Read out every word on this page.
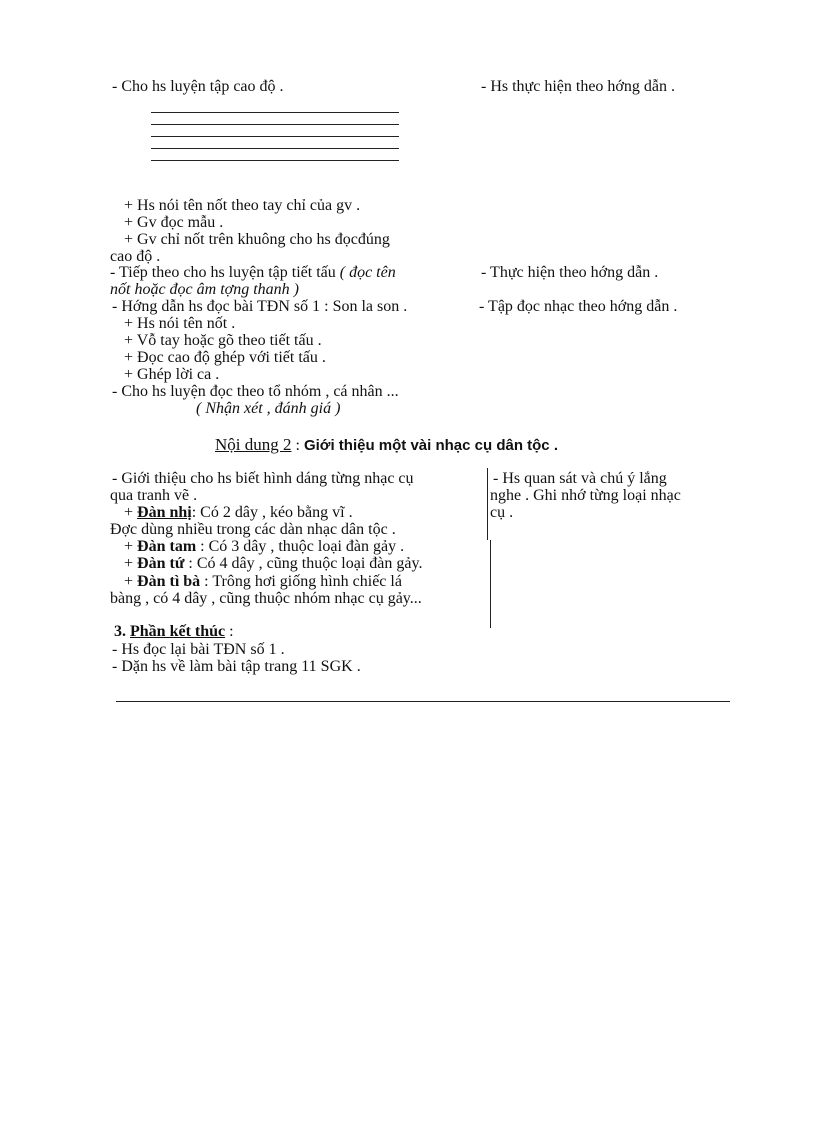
- Cho hs luyện tập cao độ .	- Hs thực hiện theo hớng dẫn .
+ Hs nói tên nốt theo tay chỉ của gv .
+ Gv đọc mẫu .
+ Gv chỉ nốt trên khuông cho hs đọcđúng
cao độ .
- Tiếp theo cho hs luyện tập tiết tấu ( đọc tên
nốt hoặc đọc âm tợng thanh )
- Thực hiện theo hớng dẫn .
- Hớng dẫn hs đọc bài TĐN số 1 : Son la son .	- Tập đọc nhạc theo hớng dẫn .
+ Hs nói tên nốt .
+ Vỗ tay hoặc gõ theo tiết tấu .
+ Đọc cao độ ghép với tiết tấu .
+ Ghép lời ca .
- Cho hs luyện đọc theo tổ nhóm , cá nhân ...
( Nhận xét , đánh giá )
Nội dung 2 : Giới thiệu một vài nhạc cụ dân tộc .
- Giới thiệu cho hs biết hình dáng từng nhạc cụ
qua tranh vẽ .
+ Đàn nhị: Có 2 dây , kéo bằng vĩ .
Đợc dùng nhiều trong các dàn nhạc dân tộc .
+ Đàn tam : Có 3 dây , thuộc loại đàn gảy .
+ Đàn tứ : Có 4 dây , cũng thuộc loại đàn gảy.
+ Đàn tì bà : Trông hơi giống hình chiếc lá
bàng , có 4 dây , cũng thuộc nhóm nhạc cụ gảy...
- Hs quan sát và chú ý lắng
nghe . Ghi nhớ từng loại nhạc
cụ .
3. Phần kết thúc :
- Hs đọc lại bài TĐN số 1 .
- Dặn hs về làm bài tập trang 11 SGK .
